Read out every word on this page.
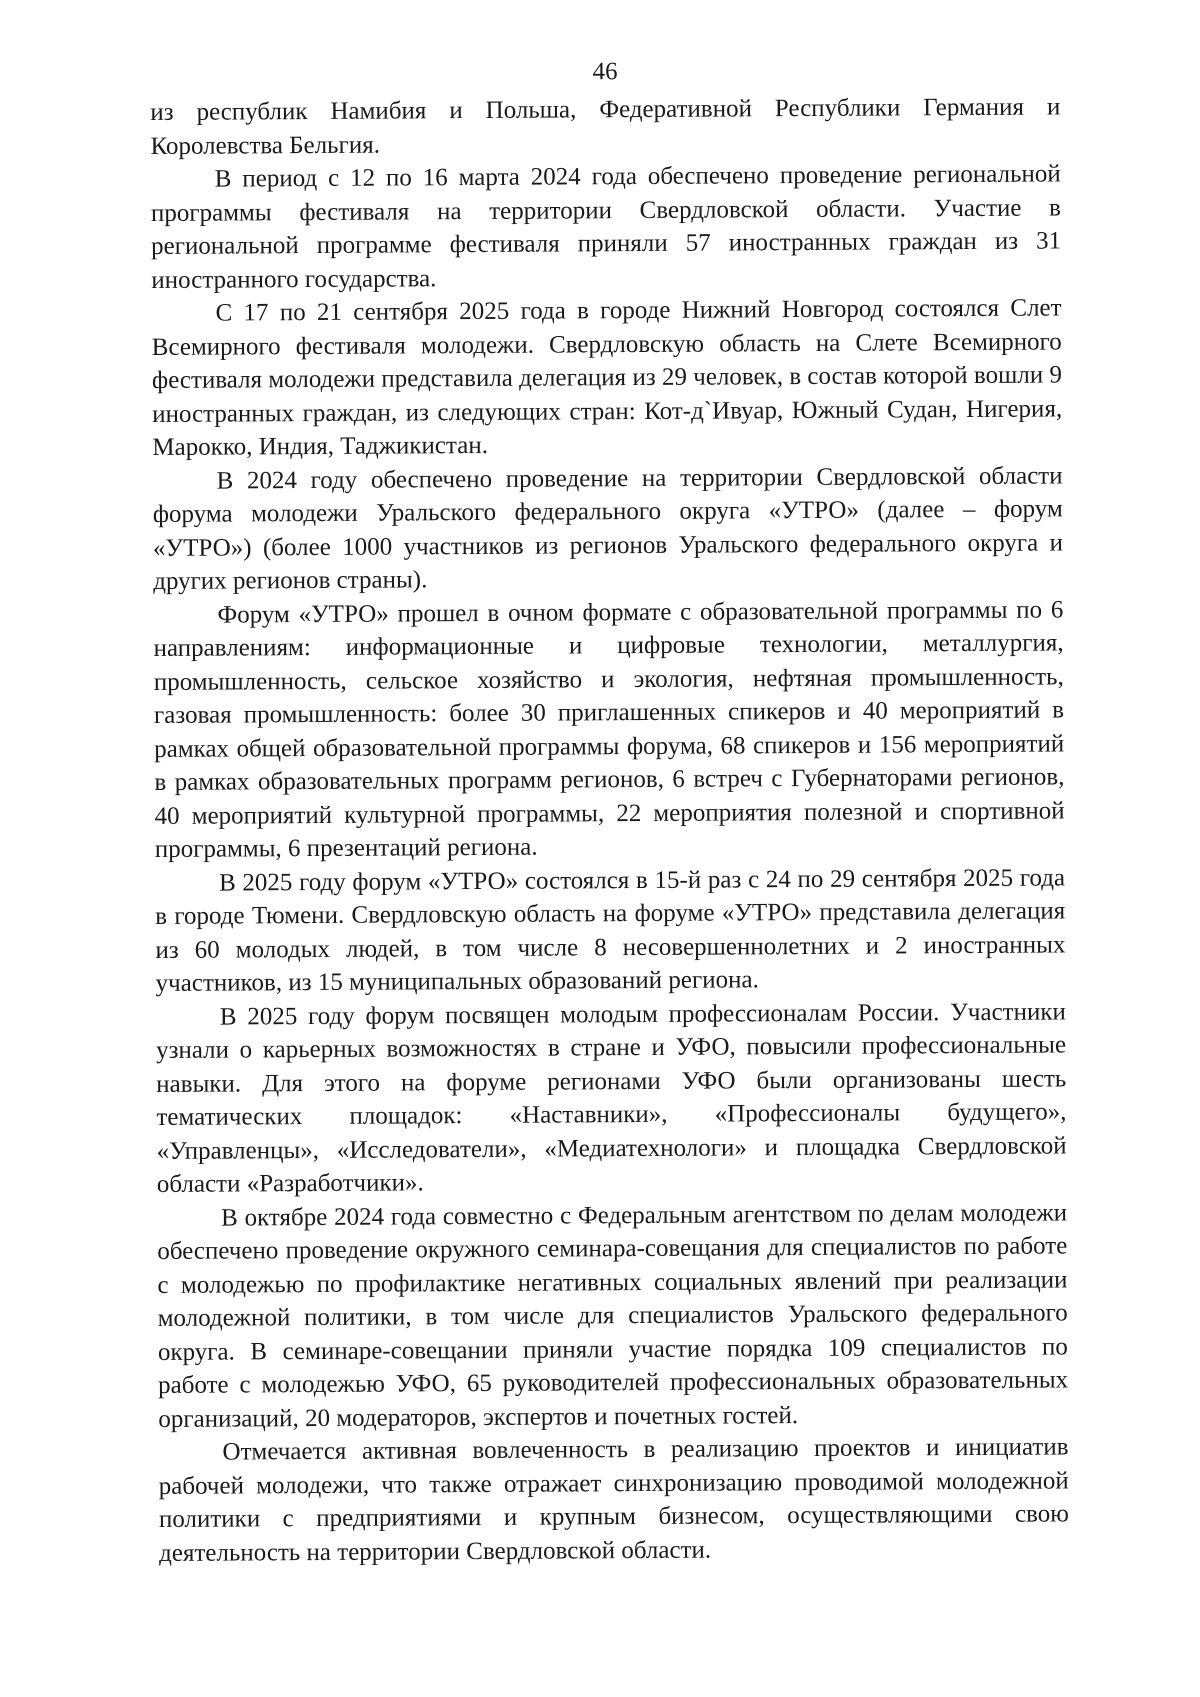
46

из республик Намибия и Польша, Федеративной Республики Германия и Королевства Бельгия.

В период с 12 по 16 марта 2024 года обеспечено проведение региональной программы фестиваля на территории Свердловской области. Участие в региональной программе фестиваля приняли 57 иностранных граждан из 31 иностранного государства.

С 17 по 21 сентября 2025 года в городе Нижний Новгород состоялся Слет Всемирного фестиваля молодежи. Свердловскую область на Слете Всемирного фестиваля молодежи представила делегация из 29 человек, в состав которой вошли 9 иностранных граждан, из следующих стран: Кот-д`Ивуар, Южный Судан, Нигерия, Марокко, Индия, Таджикистан.

В 2024 году обеспечено проведение на территории Свердловской области форума молодежи Уральского федерального округа «УТРО» (далее – форум «УТРО») (более 1000 участников из регионов Уральского федерального округа и других регионов страны).

Форум «УТРО» прошел в очном формате с образовательной программы по 6 направлениям: информационные и цифровые технологии, металлургия, промышленность, сельское хозяйство и экология, нефтяная промышленность, газовая промышленность: более 30 приглашенных спикеров и 40 мероприятий в рамках общей образовательной программы форума, 68 спикеров и 156 мероприятий в рамках образовательных программ регионов, 6 встреч с Губернаторами регионов, 40 мероприятий культурной программы, 22 мероприятия полезной и спортивной программы, 6 презентаций региона.

В 2025 году форум «УТРО» состоялся в 15-й раз с 24 по 29 сентября 2025 года в городе Тюмени. Свердловскую область на форуме «УТРО» представила делегация из 60 молодых людей, в том числе 8 несовершеннолетних и 2 иностранных участников, из 15 муниципальных образований региона.

В 2025 году форум посвящен молодым профессионалам России. Участники узнали о карьерных возможностях в стране и УФО, повысили профессиональные навыки. Для этого на форуме регионами УФО были организованы шесть тематических площадок: «Наставники», «Профессионалы будущего», «Управленцы», «Исследователи», «Медиатехнологи» и площадка Свердловской области «Разработчики».

В октябре 2024 года совместно с Федеральным агентством по делам молодежи обеспечено проведение окружного семинара-совещания для специалистов по работе с молодежью по профилактике негативных социальных явлений при реализации молодежной политики, в том числе для специалистов Уральского федерального округа. В семинаре-совещании приняли участие порядка 109 специалистов по работе с молодежью УФО, 65 руководителей профессиональных образовательных организаций, 20 модераторов, экспертов и почетных гостей.

Отмечается активная вовлеченность в реализацию проектов и инициатив рабочей молодежи, что также отражает синхронизацию проводимой молодежной политики с предприятиями и крупным бизнесом, осуществляющими свою деятельность на территории Свердловской области.
